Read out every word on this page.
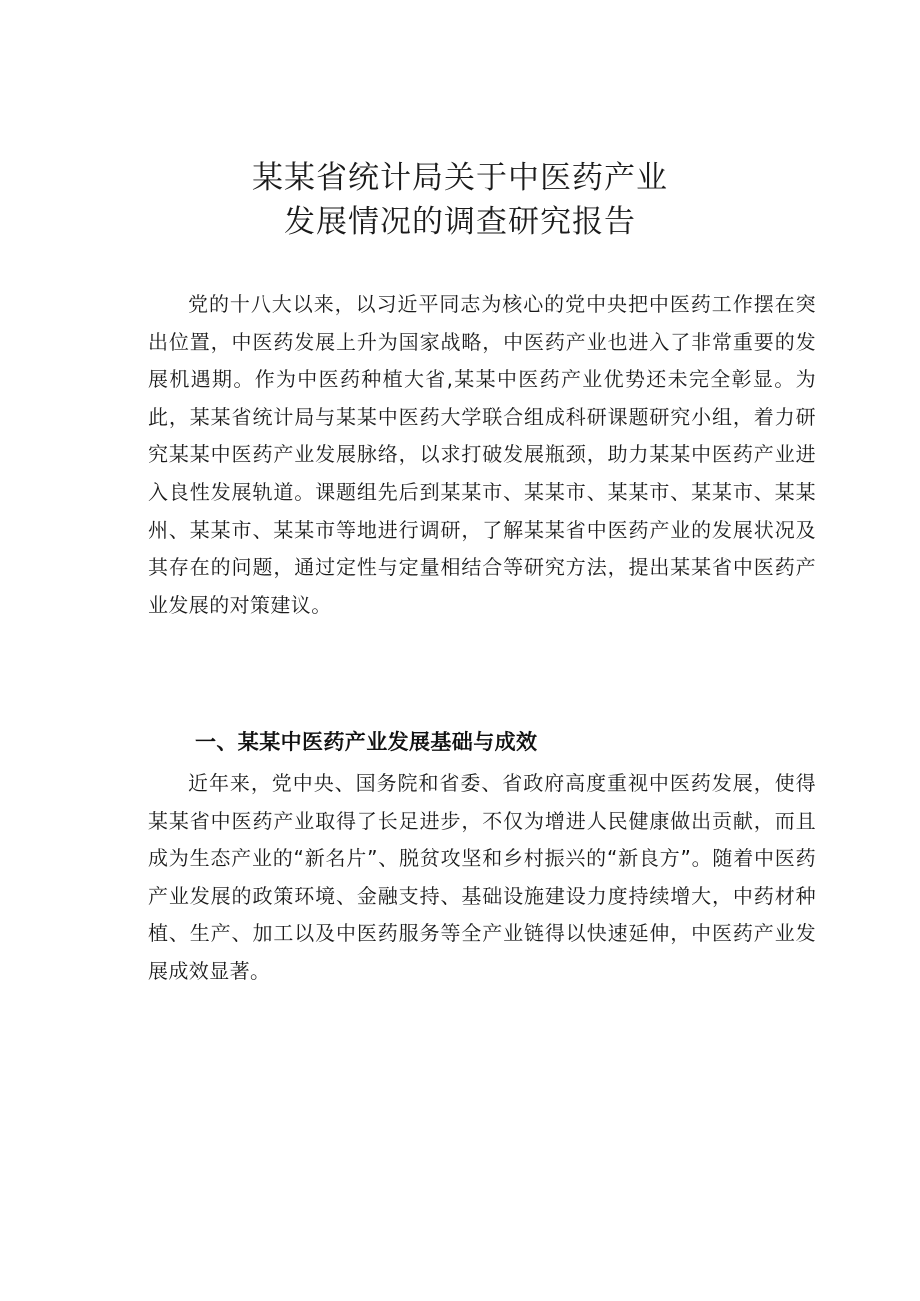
某某省统计局关于中医药产业
发展情况的调查研究报告

党的十八大以来，以习近平同志为核心的党中央把中医药工作摆在突出位置，中医药发展上升为国家战略，中医药产业也进入了非常重要的发展机遇期。作为中医药种植大省,某某中医药产业优势还未完全彰显。为此，某某省统计局与某某中医药大学联合组成科研课题研究小组，着力研究某某中医药产业发展脉络，以求打破发展瓶颈，助力某某中医药产业进入良性发展轨道。课题组先后到某某市、某某市、某某市、某某市、某某州、某某市、某某市等地进行调研，了解某某省中医药产业的发展状况及其存在的问题，通过定性与定量相结合等研究方法，提出某某省中医药产业发展的对策建议。

一、某某中医药产业发展基础与成效

近年来，党中央、国务院和省委、省政府高度重视中医药发展，使得某某省中医药产业取得了长足进步，不仅为增进人民健康做出贡献，而且成为生态产业的“新名片”、脱贫攻坚和乡村振兴的“新良方”。随着中医药产业发展的政策环境、金融支持、基础设施建设力度持续增大，中药材种植、生产、加工以及中医药服务等全产业链得以快速延伸，中医药产业发展成效显著。
